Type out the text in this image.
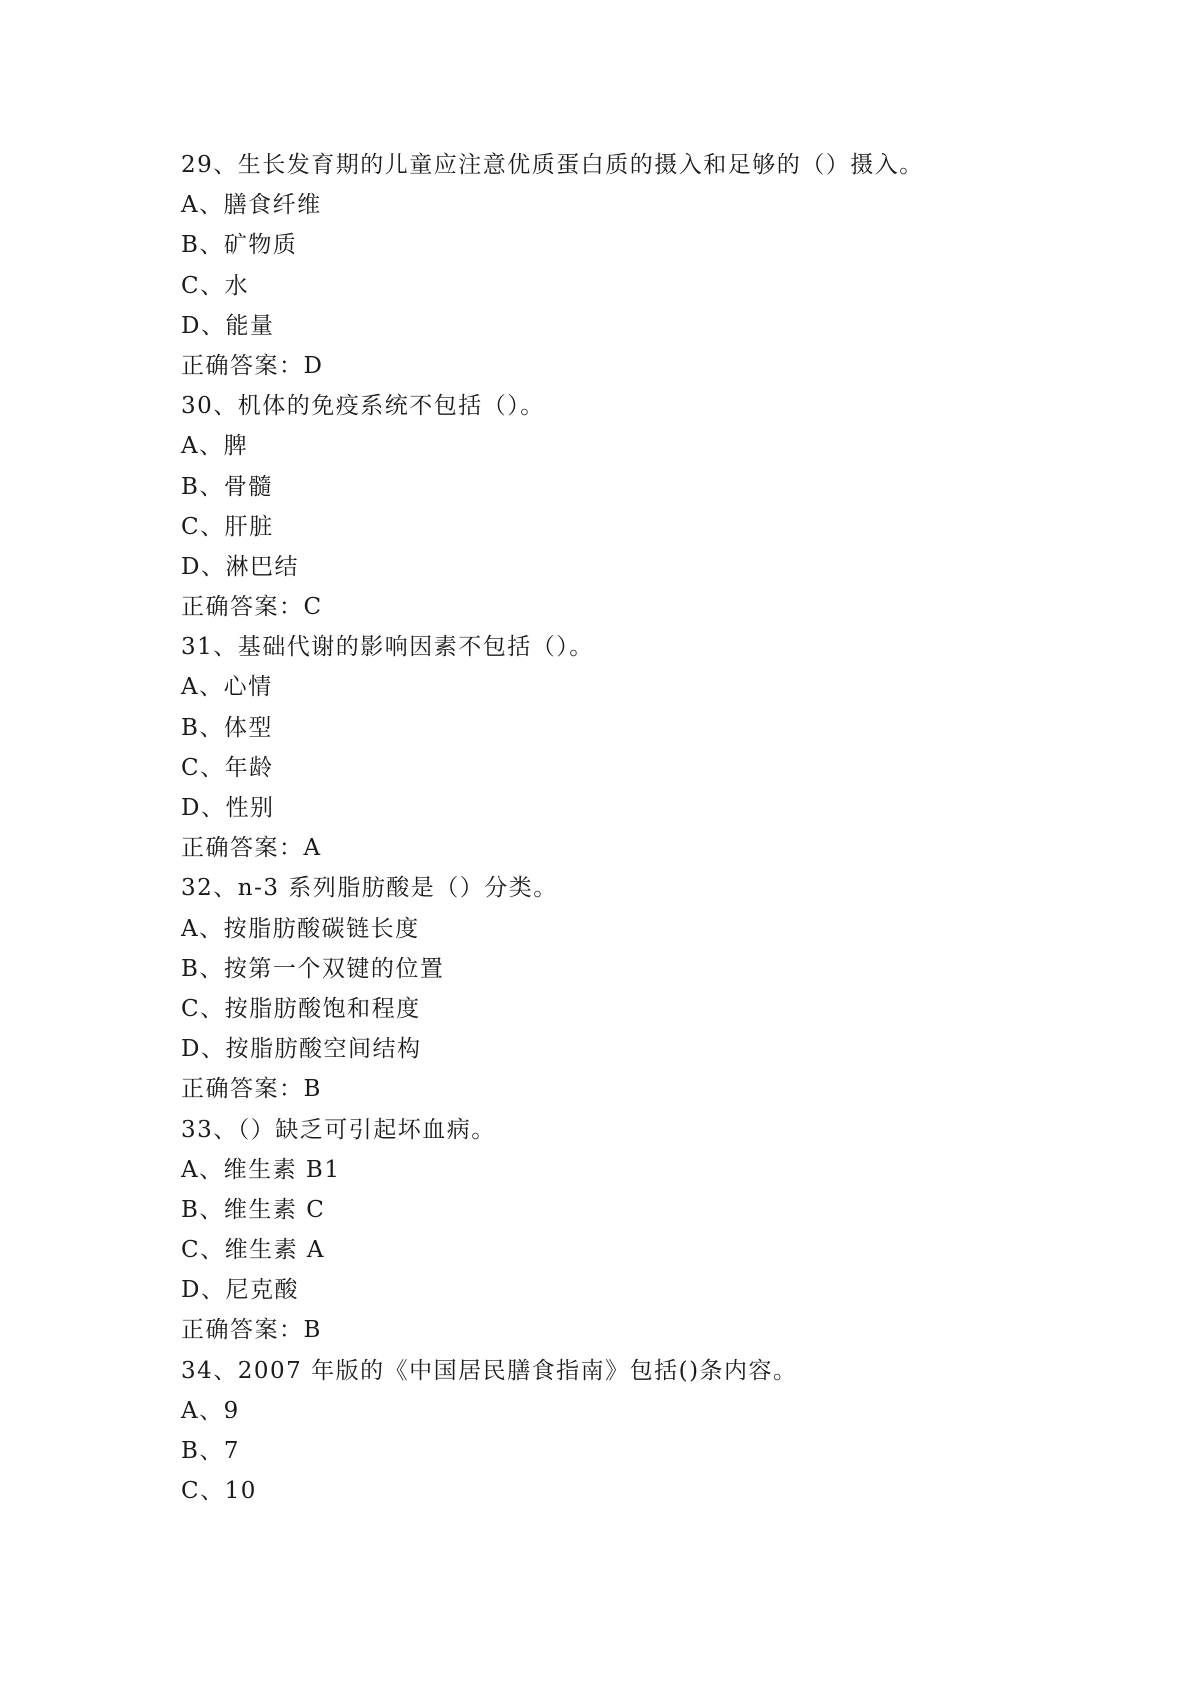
29、生长发育期的儿童应注意优质蛋白质的摄入和足够的（）摄入。
A、膳食纤维
B、矿物质
C、水
D、能量
正确答案：D
30、机体的免疫系统不包括（）。
A、脾
B、骨髓
C、肝脏
D、淋巴结
正确答案：C
31、基础代谢的影响因素不包括（）。
A、心情
B、体型
C、年龄
D、性别
正确答案：A
32、n-3 系列脂肪酸是（）分类。
A、按脂肪酸碳链长度
B、按第一个双键的位置
C、按脂肪酸饱和程度
D、按脂肪酸空间结构
正确答案：B
33、（）缺乏可引起坏血病。
A、维生素 B1
B、维生素 C
C、维生素 A
D、尼克酸
正确答案：B
34、2007 年版的《中国居民膳食指南》包括()条内容。
A、9
B、7
C、10
